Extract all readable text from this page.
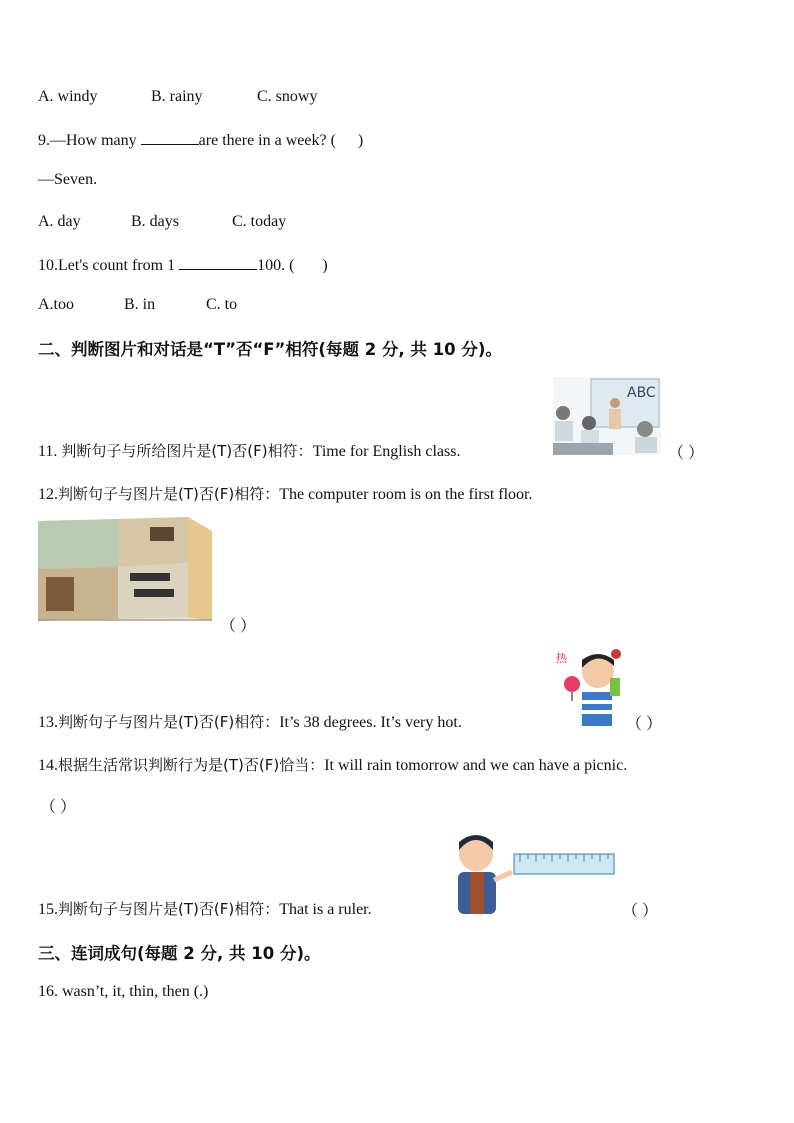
A. windy	B. rainy	C. snowy
9.—How many	are there in a week? ( )
—Seven.
A. day	B. days	C. today
10.Let's count from 1	100. ( )
A.too	B. in	C. to
二、判断图片和对话是“T”否“F”相符(每题 2 分, 共 10 分)。
ABC
11. 判断句子与所给图片是(T)否(F)相符：Time for English class.	（ ）
12.判断句子与图片是(T)否(F)相符：The computer room is on the first floor.
（ ）
热
13.判断句子与图片是(T)否(F)相符：It’s 38 degrees. It’s very hot.	（ ）
14.根据生活常识判断行为是(T)否(F)恰当：It will rain tomorrow and we can have a picnic.
（ ）
15.判断句子与图片是(T)否(F)相符：That is a ruler.	（ ）
三、连词成句(每题 2 分, 共 10 分)。
16. wasn’t, it, thin, then (.)
